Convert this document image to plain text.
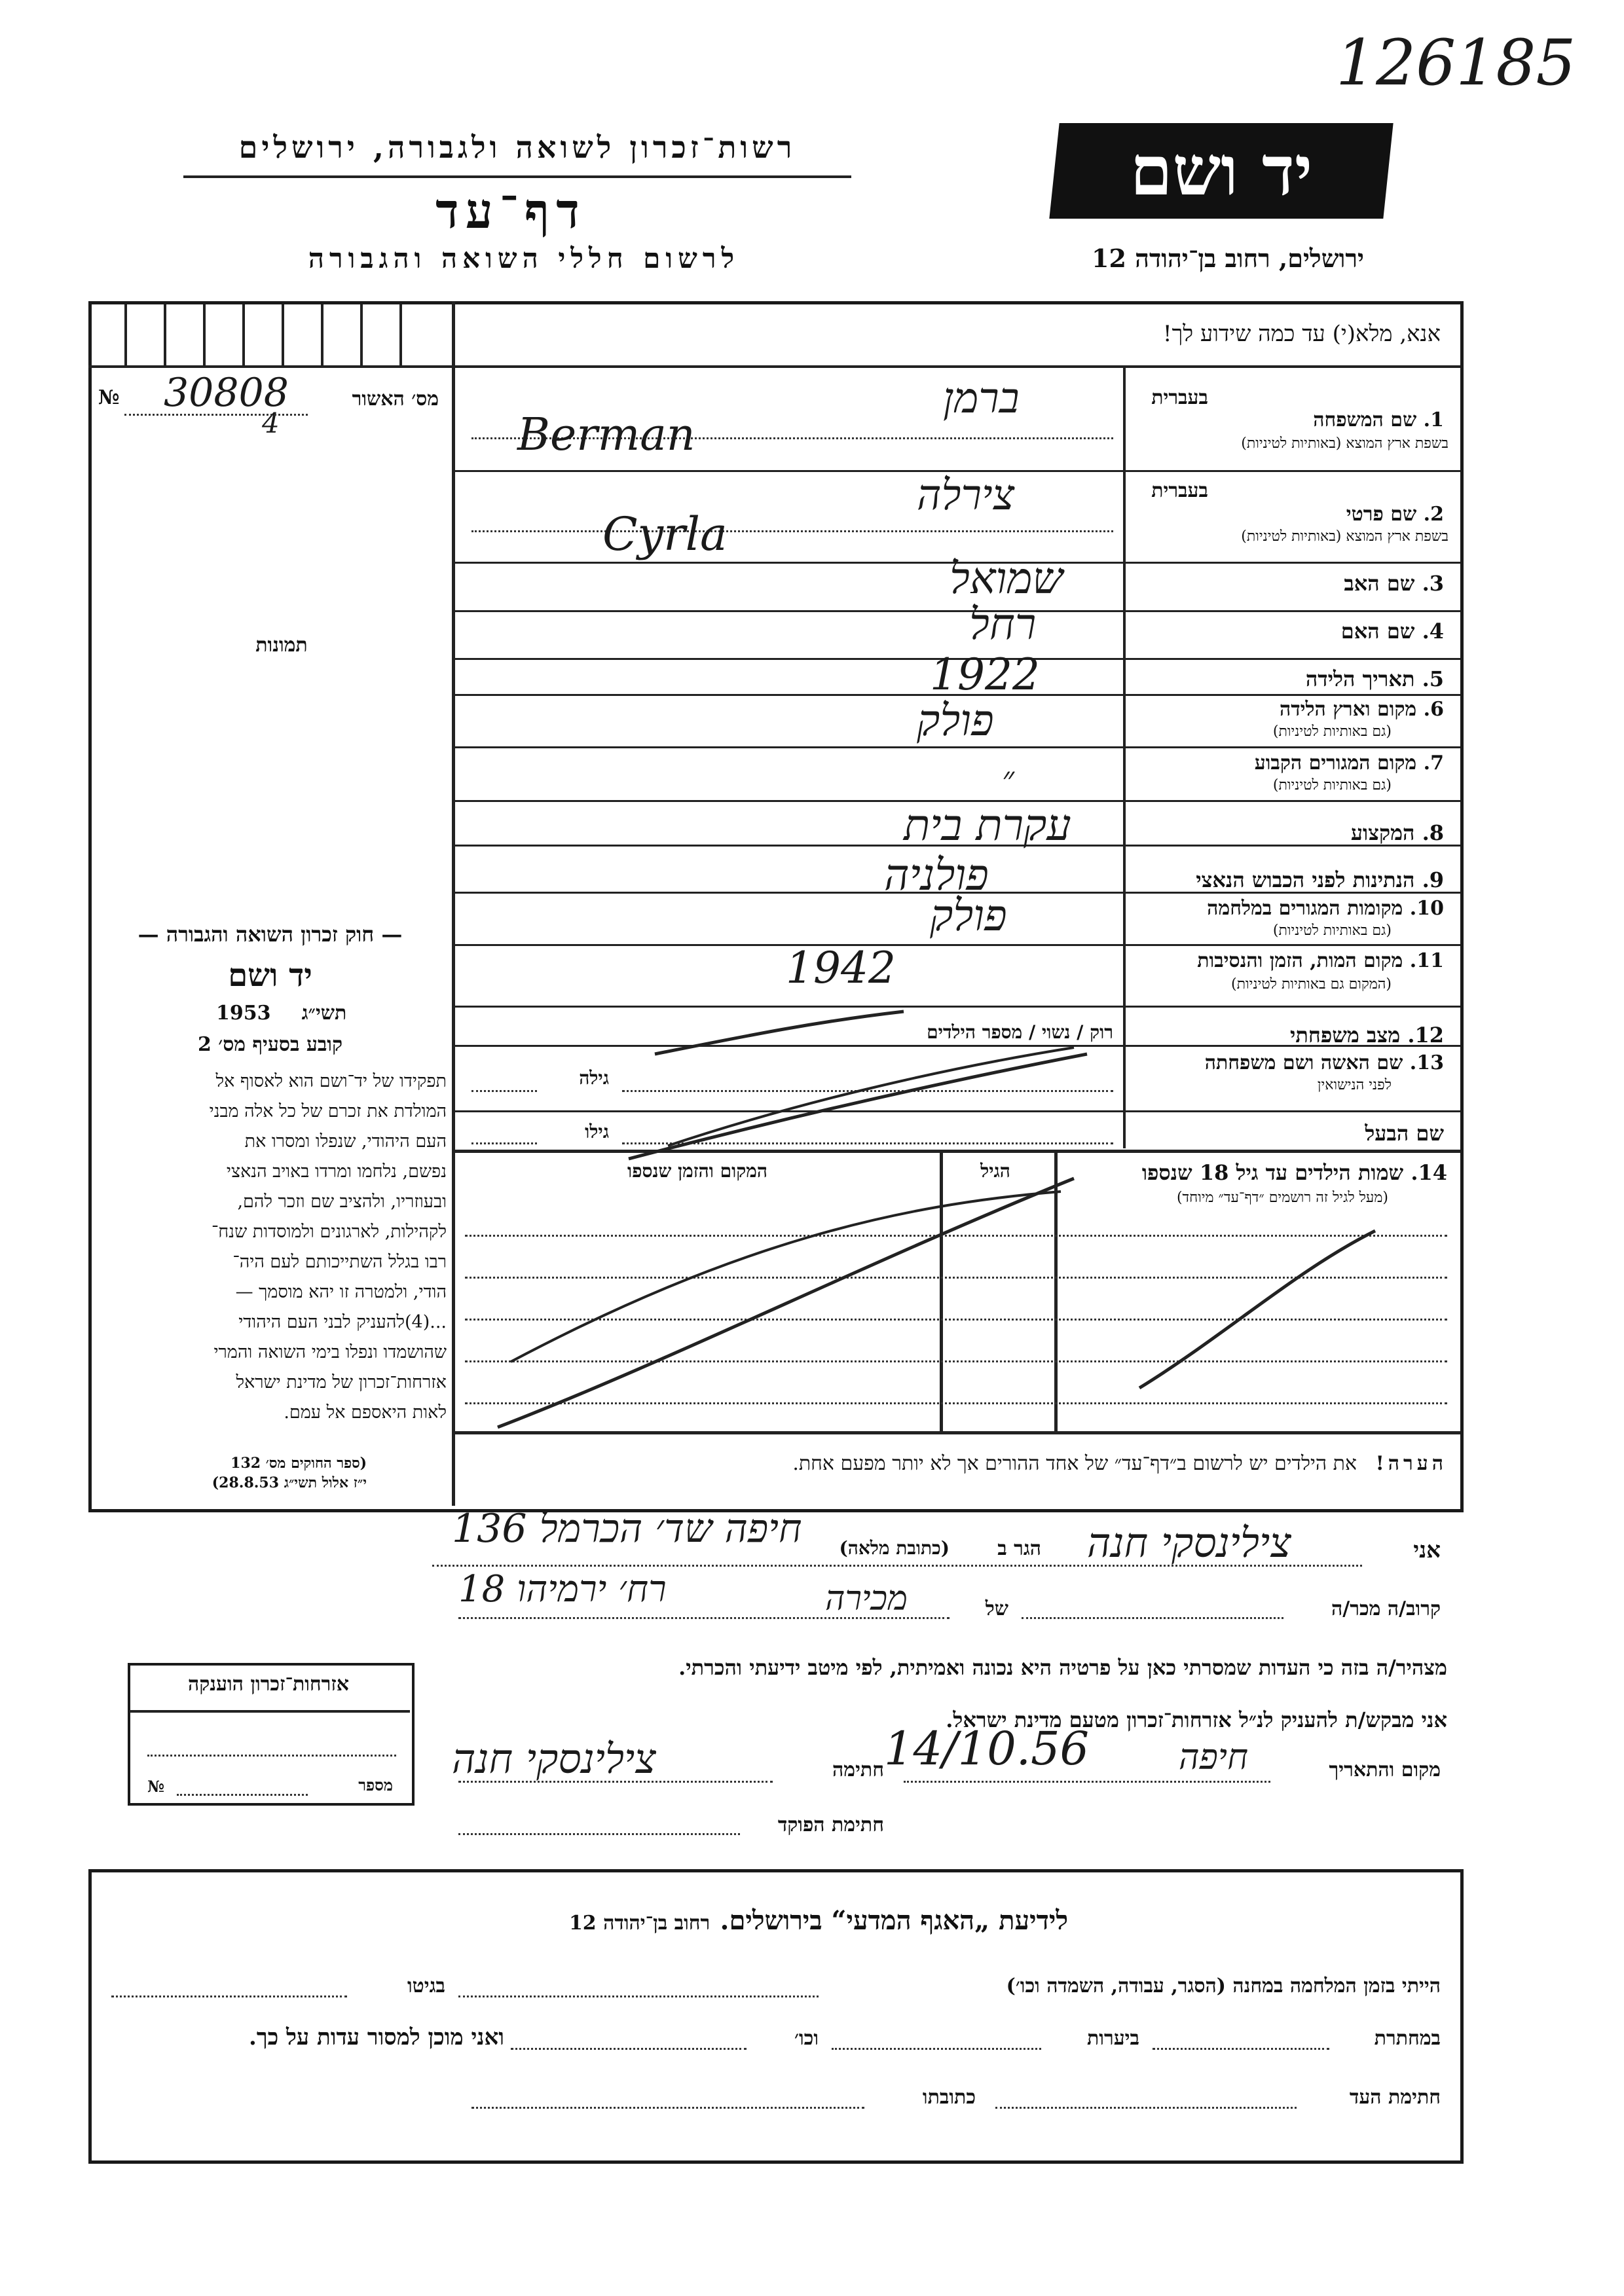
126185
רשות־זכרון לשואה ולגבורה, ירושלים
דף־עד
לרשום חללי השואה והגבורה
יד ושם
ירושלים, רחוב בן־יהודה 12
אנא, מלא(י) עד כמה שידוע לך!
№ 30808
4
מס׳ האשור
תמונות
בעברית
1. שם המשפחה
בשפת ארץ המוצא (באותיות לטיניות)
ברמן
Berman
בעברית
2. שם פרטי
בשפת ארץ המוצא (באותיות לטיניות)
צירלה
Cyrla
3. שם האב
שמואל
4. שם האם
רחל
5. תאריך הלידה
1922
6. מקום וארץ הלידה
(גם באותיות לטיניות)
פולק
7. מקום המגורים הקבוע
(גם באותיות לטיניות)
״
8. המקצוע
עקרת בית
9. הנתינות לפני הכבוש הנאצי
פולניה
10. מקומות המגורים במלחמה
(גם באותיות לטיניות)
פולק
11. מקום המות, הזמן והנסיבות
(המקום גם באותיות לטיניות)
1942
12. מצב משפחתי
רוק / נשוי / מספר הילדים
13. שם האשה ושם משפחתה
לפני הנישואין
גילה
שם הבעל
גילו
14. שמות הילדים עד גיל 18 שנספו
(מעל לגיל זה רושמים ״דף־עד״ מיוחד)
הגיל
המקום והזמן שנספו
הערה!   את הילדים יש לרשום ב״דף־עד״ של אחד ההורים אך לא יותר מפעם אחת.
— חוק זכרון השואה והגבורה —
יד ושם
תשי״ג
1953
קובע בסעיף מס׳ 2
תפקידו של יד־ושם הוא לאסוף אל
המולדת את זכרם של כל אלה מבני
העם היהודי, שנפלו ומסרו את
נפשם, נלחמו ומרדו באויב הנאצי
ובעוזריו, ולהציב שם וזכר להם,
לקהילות, לארגונים ולמוסדות שנח־
רבו בגלל השתייכותם לעם היה־
הודי, ולמטרה זו יהא מוסמך —
...(4)להעניק לבני העם היהודי
שהושמדו ונפלו בימי השואה והמרי
אזרחות־זכרון של מדינת ישראל
לאות היאספם אל עמם.
(ספר החוקים מס׳ 132
י״ז אלול תשי״ג 28.8.53)
אני
צילינסקי חנה
הגר ב
(כתובת מלאה)
חיפה שד׳ הכרמל 136
רח׳ ירמיהו 18	קרוב/ה מכר/ה
של
מכירה
מצהיר/ה בזה כי העדות שמסרתי כאן על פרטיה היא נכונה ואמיתית, לפי מיטב ידיעתי והכרתי.
אני מבקש/ת להעניק לנ״ל אזרחות־זכרון מטעם מדינת ישראל.
מקום והתאריך
חיפה
14/10.56
חתימה
צילינסקי חנה
חתימת הפוקד
אזרחות־זכרון הוענקה
№	מספר
לידיעת „האגף המדעי“ בירושלים.   רחוב בן־יהודה 12
הייתי בזמן המלחמה במחנה (הסגר, עבודה, השמדה וכו׳)
בגיטו
במחתרת
ביערות
וכו׳
ואני מוכן למסור עדות על כך.
חתימת העד
כתובתו
